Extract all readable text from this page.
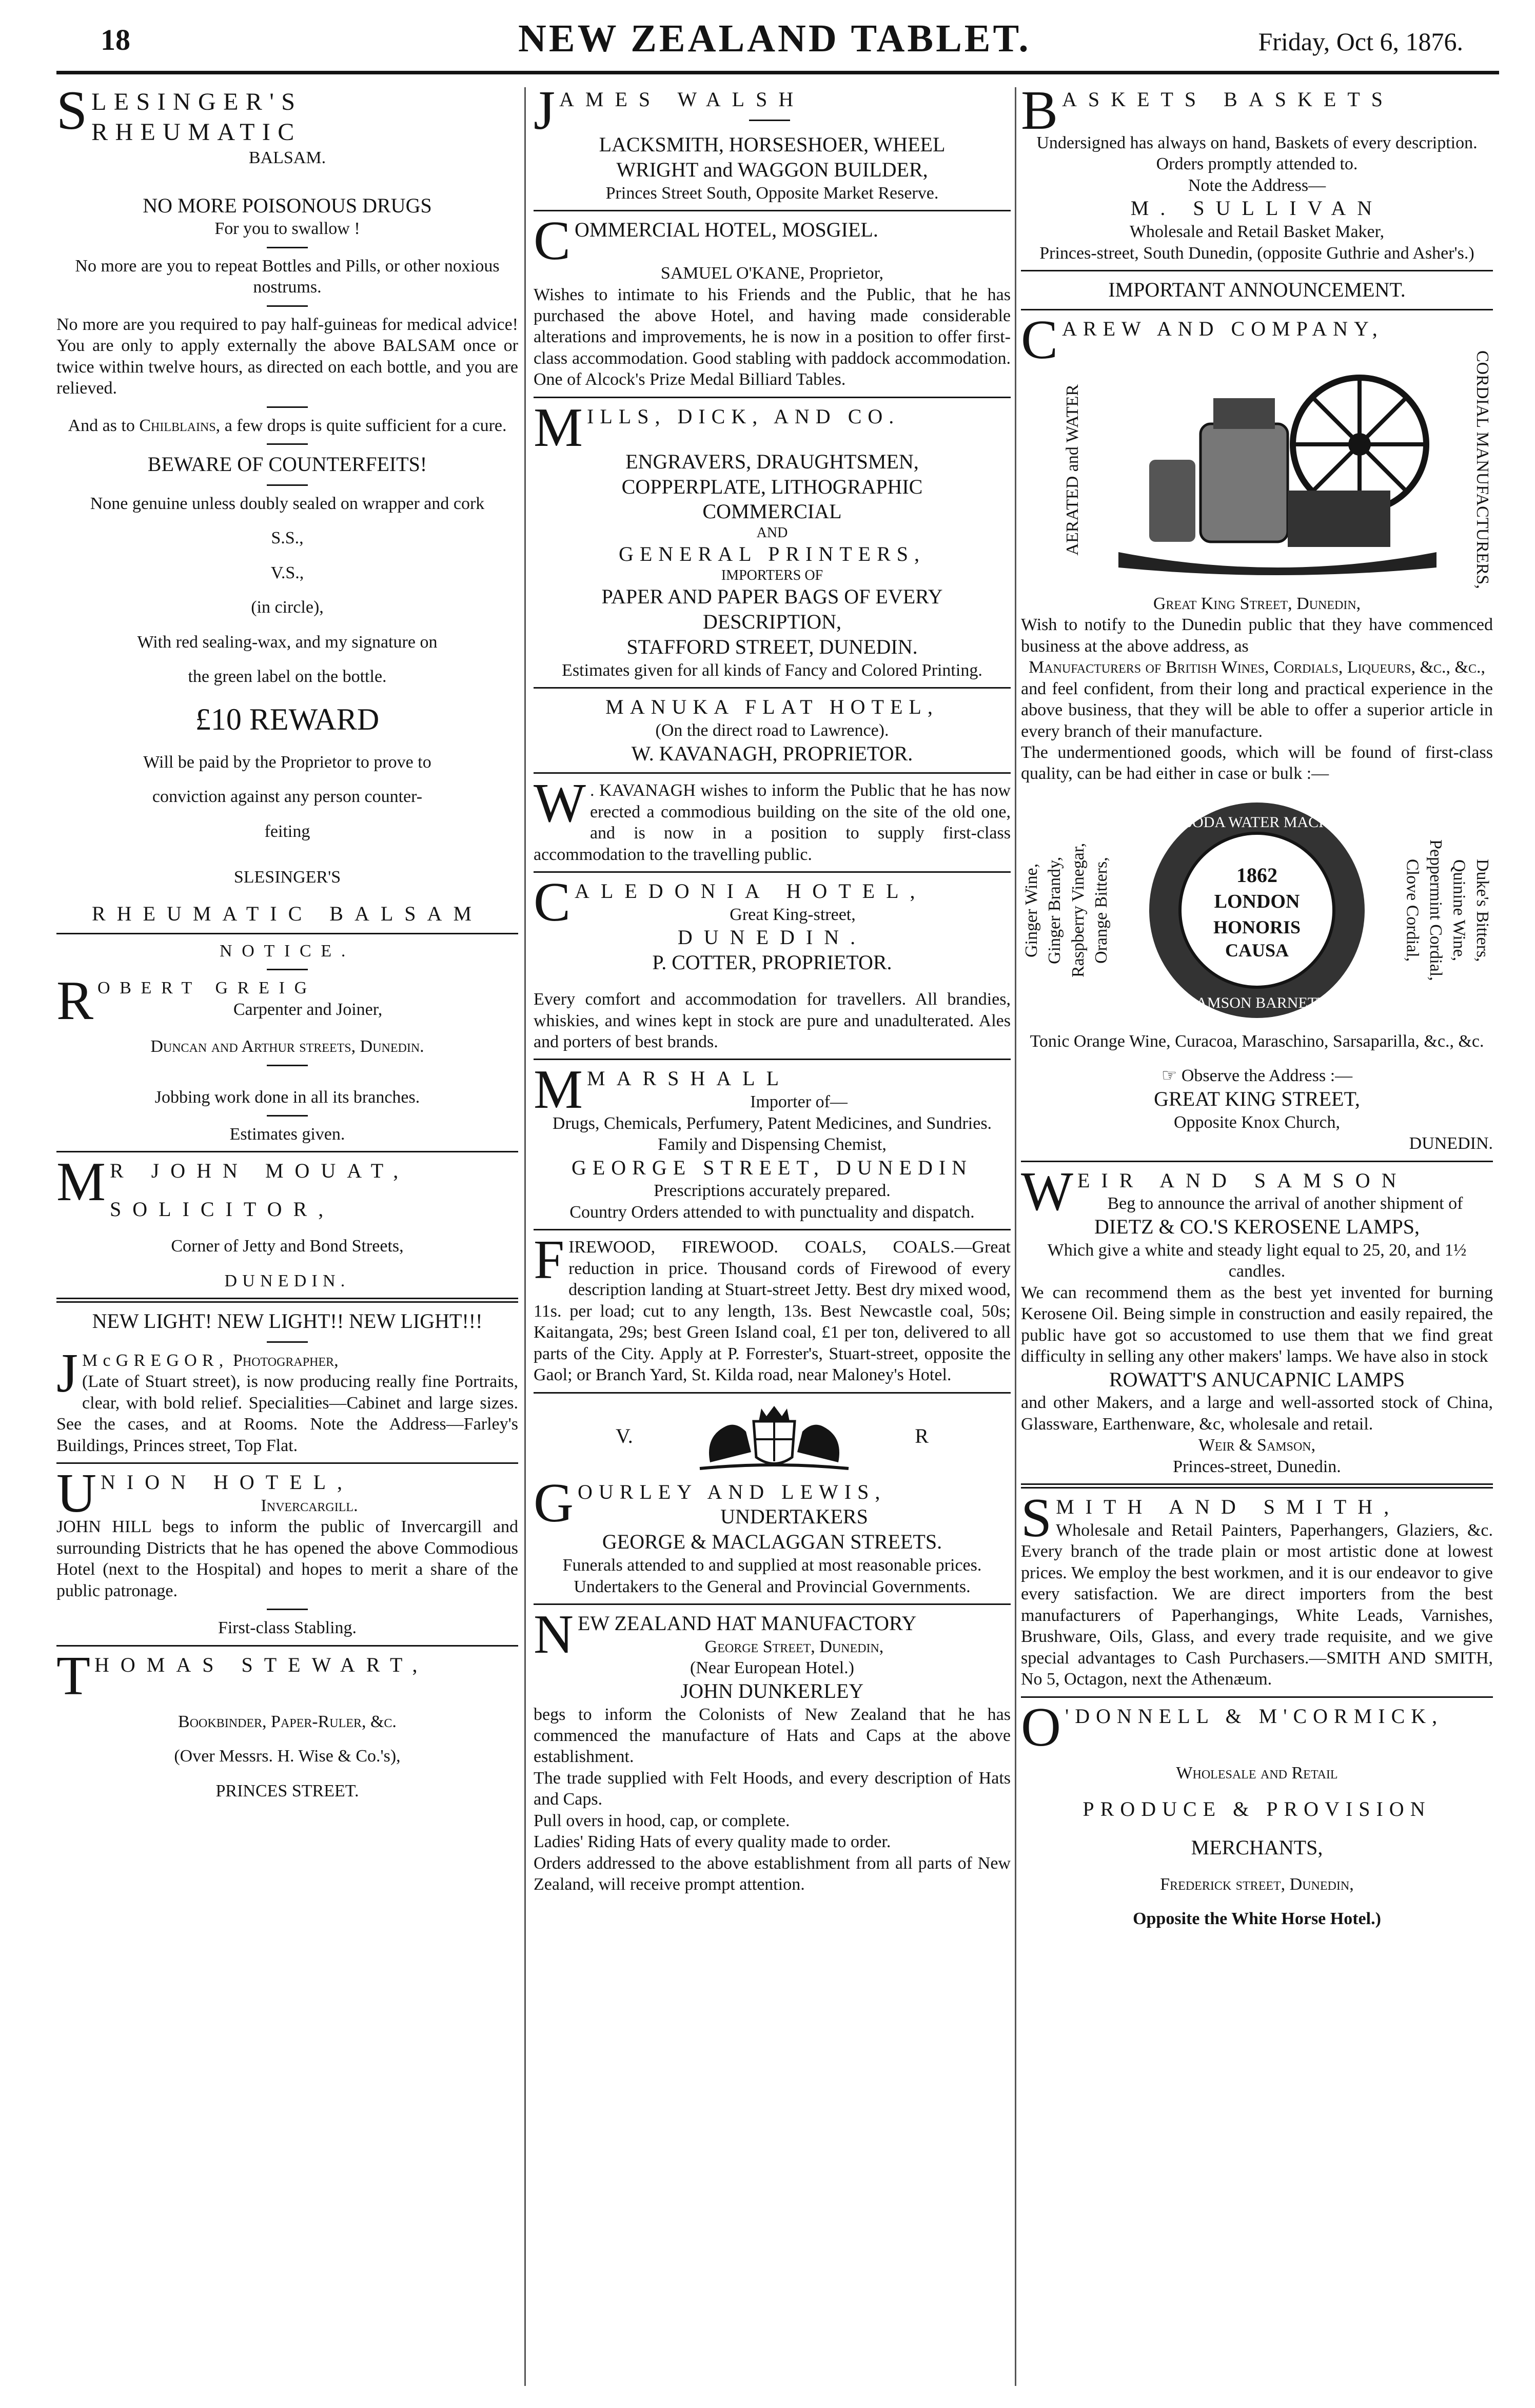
18	NEW ZEALAND TABLET.	Friday, Oct 6, 1876.
S LESINGER'S RHEUMATIC

BALSAM.

NO MORE POISONOUS DRUGS

For you to swallow !

No more are you to repeat Bottles and Pills, or other noxious nostrums.

No more are you required to pay half-guineas for medical advice! You are only to apply externally the above BALSAM once or twice within twelve hours, as directed on each bottle, and you are relieved.

And as to Chilblains, a few drops is quite sufficient for a cure.

BEWARE OF COUNTERFEITS!

None genuine unless doubly sealed on wrapper and cork

S.S.,

V.S.,

(in circle),

With red sealing-wax, and my signature on

the green label on the bottle.

£10 REWARD

Will be paid by the Proprietor to prove to

conviction against any person counter-

feiting

SLESINGER'S

RHEUMATIC BALSAM

NOTICE.

R OBERT GREIG

Carpenter and Joiner,

Duncan and Arthur streets, Dunedin.

Jobbing work done in all its branches.

Estimates given.

M R JOHN MOUAT,

SOLICITOR,

Corner of Jetty and Bond Streets,

DUNEDIN.

NEW LIGHT! NEW LIGHT!! NEW LIGHT!!!

J McGREGOR, Photographer,

(Late of Stuart street), is now producing really fine Portraits, clear, with bold relief. Specialities—Cabinet and large sizes. See the cases, and at Rooms. Note the Address—Farley's Buildings, Princes street, Top Flat.

U NION HOTEL,

Invercargill.

JOHN HILL begs to inform the public of Invercargill and surrounding Districts that he has opened the above Commodious Hotel (next to the Hospital) and hopes to merit a share of the public patronage.

First-class Stabling.

T HOMAS STEWART,

Bookbinder, Paper-Ruler, &c.

(Over Messrs. H. Wise & Co.'s),

PRINCES STREET.

J AMES WALSH

LACKSMITH, HORSESHOER, WHEEL

WRIGHT and WAGGON BUILDER,

Princes Street South, Opposite Market Reserve.

C OMMERCIAL HOTEL, MOSGIEL.

SAMUEL O'KANE, Proprietor,

Wishes to intimate to his Friends and the Public, that he has purchased the above Hotel, and having made considerable alterations and improvements, he is now in a position to offer first-class accommodation. Good stabling with paddock accommodation. One of Alcock's Prize Medal Billiard Tables.

M ILLS, DICK, AND CO.

ENGRAVERS, DRAUGHTSMEN,

COPPERPLATE, LITHOGRAPHIC

COMMERCIAL

AND

GENERAL PRINTERS,

IMPORTERS OF

PAPER AND PAPER BAGS OF EVERY DESCRIPTION,

STAFFORD STREET, DUNEDIN.

Estimates given for all kinds of Fancy and Colored Printing.

MANUKA FLAT HOTEL,

(On the direct road to Lawrence).

W. KAVANAGH, PROPRIETOR.

W . KAVANAGH wishes to inform the Public that he has now erected a commodious building on the site of the old one, and is now in a position to supply first-class accommodation to the travelling public.

C ALEDONIA HOTEL,

Great King-street,

DUNEDIN.

P. COTTER, PROPRIETOR.

Every comfort and accommodation for travellers. All brandies, whiskies, and wines kept in stock are pure and unadulterated. Ales and porters of best brands.

M MARSHALL

Importer of—

Drugs, Chemicals, Perfumery, Patent Medicines, and Sundries. Family and Dispensing Chemist,

GEORGE STREET, DUNEDIN

Prescriptions accurately prepared.

Country Orders attended to with punctuality and dispatch.

F IREWOOD, FIREWOOD. COALS, COALS.—Great reduction in price. Thousand cords of Firewood of every description landing at Stuart-street Jetty. Best dry mixed wood, 11s. per load; cut to any length, 13s. Best Newcastle coal, 50s; Kaitangata, 29s; best Green Island coal, £1 per ton, delivered to all parts of the City. Apply at P. Forrester's, Stuart-street, opposite the Gaol; or Branch Yard, St. Kilda road, near Maloney's Hotel.

V.	R
G OURLEY AND LEWIS,

UNDERTAKERS

GEORGE & MACLAGGAN STREETS.

Funerals attended to and supplied at most reasonable prices.

Undertakers to the General and Provincial Governments.

N EW ZEALAND HAT MANUFACTORY

George Street, Dunedin,

(Near European Hotel.)

JOHN DUNKERLEY

begs to inform the Colonists of New Zealand that he has commenced the manufacture of Hats and Caps at the above establishment.

The trade supplied with Felt Hoods, and every description of Hats and Caps.

Pull overs in hood, cap, or complete.

Ladies' Riding Hats of every quality made to order.

Orders addressed to the above establishment from all parts of New Zealand, will receive prompt attention.

B ASKETS BASKETS

Undersigned has always on hand, Baskets of every description.

Orders promptly attended to.

Note the Address—

M. SULLIVAN

Wholesale and Retail Basket Maker,

Princes-street, South Dunedin, (opposite Guthrie and Asher's.)

IMPORTANT ANNOUNCEMENT.

C AREW AND COMPANY,

AERATED and WATER	CORDIAL MANUFACTURERS,

Great King Street, Dunedin,

Wish to notify to the Dunedin public that they have commenced business at the above address, as

Manufacturers of British Wines, Cordials, Liqueurs, &c., &c.,

and feel confident, from their long and practical experience in the above business, that they will be able to offer a superior article in every branch of their manufacture.

The undermentioned goods, which will be found of first-class quality, can be had either in case or bulk :—

Ginger Wine, Ginger Brandy, Raspberry Vinegar, Orange Bitters,
FOR SODA WATER MACHINES
1862
LONDON
HONORIS
CAUSA
SAMSON BARNETT
Clove Cordial, Peppermint Cordial, Quinine Wine, Duke's Bitters,

Tonic Orange Wine, Curacoa, Maraschino, Sarsaparilla, &c., &c.

☞ Observe the Address :—

GREAT KING STREET,

Opposite Knox Church,

DUNEDIN.

W EIR AND SAMSON

Beg to announce the arrival of another shipment of

DIETZ & CO.'S KEROSENE LAMPS,

Which give a white and steady light equal to 25, 20, and 1½ candles.

We can recommend them as the best yet invented for burning Kerosene Oil. Being simple in construction and easily repaired, the public have got so accustomed to use them that we find great difficulty in selling any other makers' lamps. We have also in stock

ROWATT'S ANUCAPNIC LAMPS

and other Makers, and a large and well-assorted stock of China, Glassware, Earthenware, &c, wholesale and retail.

Weir & Samson,

Princes-street, Dunedin.

S MITH AND SMITH,

Wholesale and Retail Painters, Paperhangers, Glaziers, &c. Every branch of the trade plain or most artistic done at lowest prices. We employ the best workmen, and it is our endeavor to give every satisfaction. We are direct importers from the best manufacturers of Paperhangings, White Leads, Varnishes, Brushware, Oils, Glass, and every trade requisite, and we give special advantages to Cash Purchasers.—SMITH AND SMITH, No 5, Octagon, next the Athenæum.

O 'DONNELL & M'CORMICK,

Wholesale and Retail

PRODUCE & PROVISION

MERCHANTS,

Frederick street, Dunedin,

Opposite the White Horse Hotel.)
